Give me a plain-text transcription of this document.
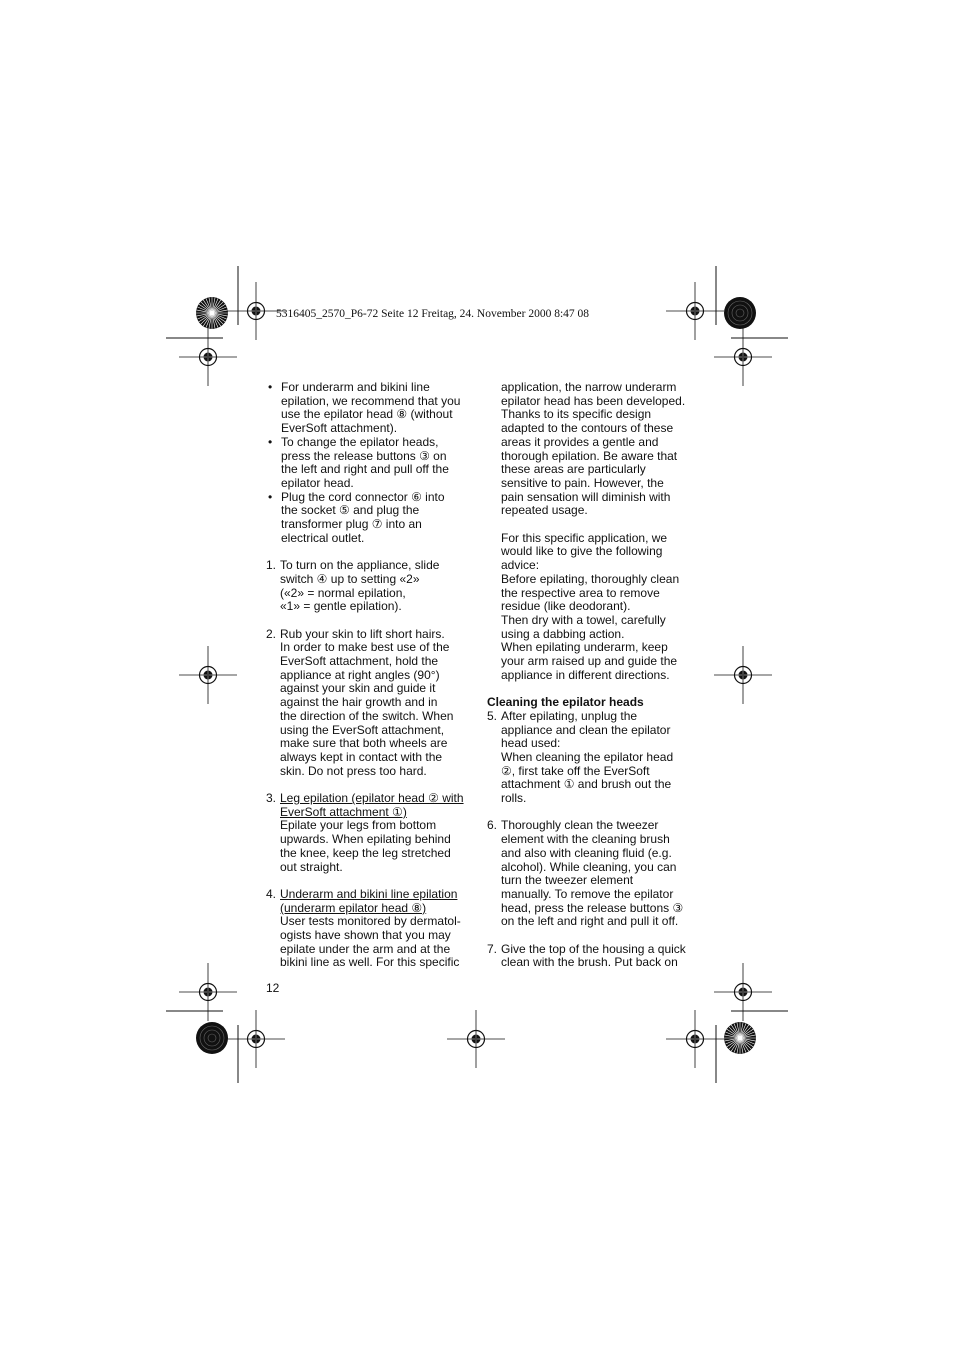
5316405_2570_P6-72 Seite 12 Freitag, 24. November 2000 8:47 08
• For underarm and bikini line
epilation, we recommend that you
use the epilator head ⑧ (without
EverSoft attachment).
• To change the epilator heads,
press the release buttons ③ on
the left and right and pull off the
epilator head.
• Plug the cord connector ⑥ into
the socket ⑤ and plug the
transformer plug ⑦ into an
electrical outlet.
1. To turn on the appliance, slide
switch ④ up to setting «2»
(«2» = normal epilation,
«1» = gentle epilation).
2. Rub your skin to lift short hairs.
In order to make best use of the
EverSoft attachment, hold the
appliance at right angles (90°)
against your skin and guide it
against the hair growth and in
the direction of the switch. When
using the EverSoft attachment,
make sure that both wheels are
always kept in contact with the
skin. Do not press too hard.
3. Leg epilation (epilator head ② with
EverSoft attachment ①)
Epilate your legs from bottom
upwards. When epilating behind
the knee, keep the leg stretched
out straight.
4. Underarm and bikini line epilation
(underarm epilator head ⑧)
User tests monitored by dermatol-
ogists have shown that you may
epilate under the arm and at the
bikini line as well. For this specific
application, the narrow underarm
epilator head has been developed.
Thanks to its specific design
adapted to the contours of these
areas it provides a gentle and
thorough epilation. Be aware that
these areas are particularly
sensitive to pain. However, the
pain sensation will diminish with
repeated usage.
For this specific application, we
would like to give the following
advice:
Before epilating, thoroughly clean
the respective area to remove
residue (like deodorant).
Then dry with a towel, carefully
using a dabbing action.
When epilating underarm, keep
your arm raised up and guide the
appliance in different directions.
Cleaning the epilator heads
5. After epilating, unplug the
appliance and clean the epilator
head used:
When cleaning the epilator head
②, first take off the EverSoft
attachment ① and brush out the
rolls.
6. Thoroughly clean the tweezer
element with the cleaning brush
and also with cleaning fluid (e.g.
alcohol). While cleaning, you can
turn the tweezer element
manually. To remove the epilator
head, press the release buttons ③
on the left and right and pull it off.
7. Give the top of the housing a quick
clean with the brush. Put back on
12
